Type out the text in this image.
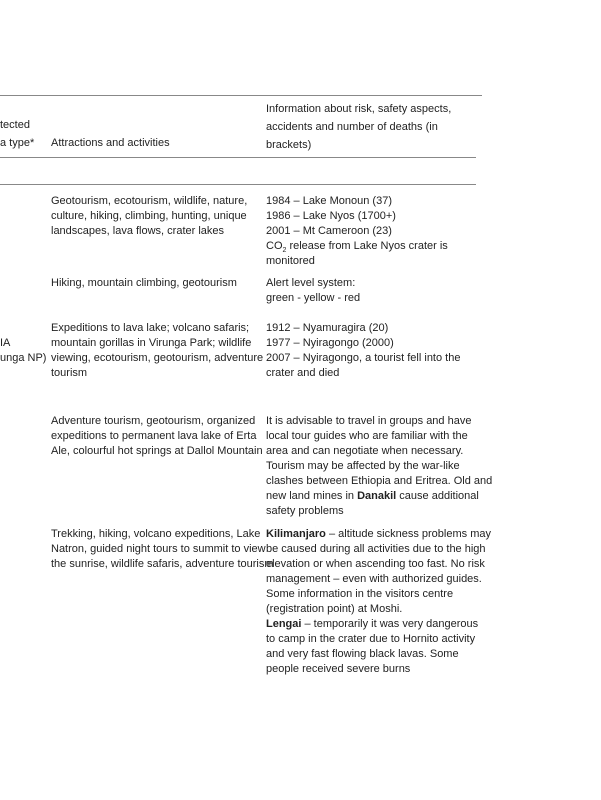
tected
a type* Attractions and activities
Information about risk, safety aspects,
accidents and number of deaths (in
brackets)
Geotourism, ecotourism, wildlife, nature,
culture, hiking, climbing, hunting, unique
landscapes, lava flows, crater lakes
1984 – Lake Monoun (37)
1986 – Lake Nyos (1700+)
2001 – Mt Cameroon (23)
$CO_2$ release from Lake Nyos crater is
monitored
Hiking, mountain climbing, geotourism	Alert level system:
green - yellow - red
IA
unga NP)
Expeditions to lava lake; volcano safaris;
mountain gorillas in Virunga Park; wildlife
viewing, ecotourism, geotourism, adventure
tourism
1912 – Nyamuragira (20)
1977 – Nyiragongo (2000)
2007 – Nyiragongo, a tourist fell into the
crater and died
Adventure tourism, geotourism, organized
expeditions to permanent lava lake of Erta
Ale, colourful hot springs at Dallol Mountain
It is advisable to travel in groups and have
local tour guides who are familiar with the
area and can negotiate when necessary.
Tourism may be affected by the war-like
clashes between Ethiopia and Eritrea. Old and
new land mines in Danakil cause additional
safety problems
Trekking, hiking, volcano expeditions, Lake
Natron, guided night tours to summit to view
the sunrise, wildlife safaris, adventure tourism
Kilimanjaro – altitude sickness problems may
be caused during all activities due to the high
elevation or when ascending too fast. No risk
management – even with authorized guides.
Some information in the visitors centre
(registration point) at Moshi.
Lengai – temporarily it was very dangerous
to camp in the crater due to Hornito activity
and very fast flowing black lavas. Some
people received severe burns
